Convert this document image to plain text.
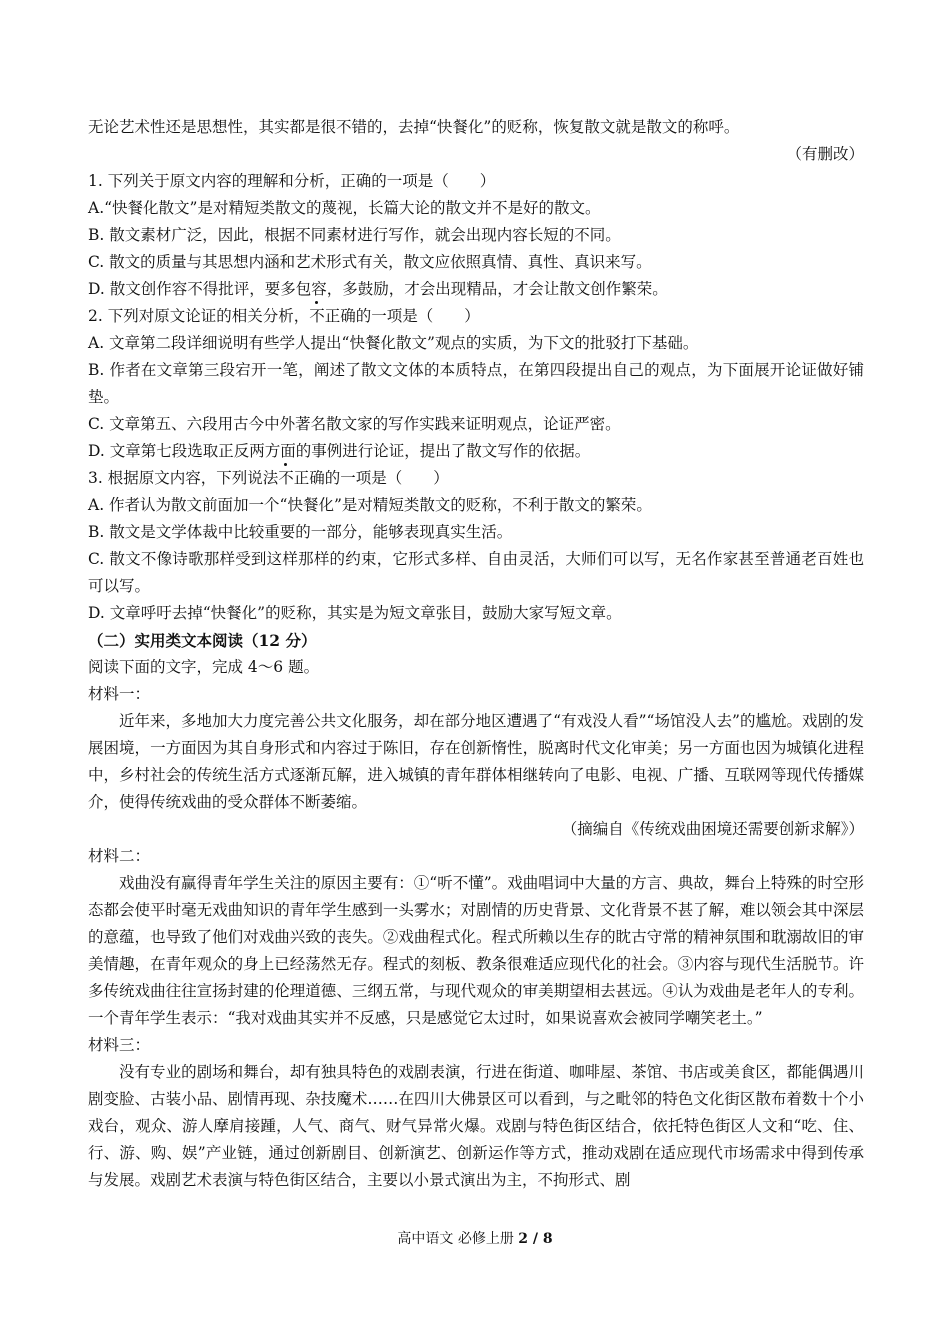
无论艺术性还是思想性，其实都是很不错的，去掉“快餐化”的贬称，恢复散文就是散文的称呼。

（有删改）

1. 下列关于原文内容的理解和分析，正确的一项是（　　）

A.“快餐化散文”是对精短类散文的蔑视，长篇大论的散文并不是好的散文。

B. 散文素材广泛，因此，根据不同素材进行写作，就会出现内容长短的不同。

C. 散文的质量与其思想内涵和艺术形式有关，散文应依照真情、真性、真识来写。

D. 散文创作容不得批评，要多包容，多鼓励，才会出现精品，才会让散文创作繁荣。

2. 下列对原文论证的相关分析，不正确的一项是（　　）

A. 文章第二段详细说明有些学人提出“快餐化散文”观点的实质，为下文的批驳打下基础。

B. 作者在文章第三段宕开一笔，阐述了散文文体的本质特点，在第四段提出自己的观点，为下面展开论证做好铺垫。

C. 文章第五、六段用古今中外著名散文家的写作实践来证明观点，论证严密。

D. 文章第七段选取正反两方面的事例进行论证，提出了散文写作的依据。

3. 根据原文内容，下列说法不正确的一项是（　　）

A. 作者认为散文前面加一个“快餐化”是对精短类散文的贬称，不利于散文的繁荣。

B. 散文是文学体裁中比较重要的一部分，能够表现真实生活。

C. 散文不像诗歌那样受到这样那样的约束，它形式多样、自由灵活，大师们可以写，无名作家甚至普通老百姓也可以写。

D. 文章呼吁去掉“快餐化”的贬称，其实是为短文章张目，鼓励大家写短文章。

（二）实用类文本阅读（12 分）

阅读下面的文字，完成 4～6 题。

材料一：

近年来，多地加大力度完善公共文化服务，却在部分地区遭遇了“有戏没人看”“场馆没人去”的尴尬。戏剧的发展困境，一方面因为其自身形式和内容过于陈旧，存在创新惰性，脱离时代文化审美；另一方面也因为城镇化进程中，乡村社会的传统生活方式逐渐瓦解，进入城镇的青年群体相继转向了电影、电视、广播、互联网等现代传播媒介，使得传统戏曲的受众群体不断萎缩。

（摘编自《传统戏曲困境还需要创新求解》）

材料二：

戏曲没有赢得青年学生关注的原因主要有：①“听不懂”。戏曲唱词中大量的方言、典故，舞台上特殊的时空形态都会使平时毫无戏曲知识的青年学生感到一头雾水；对剧情的历史背景、文化背景不甚了解，难以领会其中深层的意蕴，也导致了他们对戏曲兴致的丧失。②戏曲程式化。程式所赖以生存的眈古守常的精神氛围和耽溺故旧的审美情趣，在青年观众的身上已经荡然无存。程式的刻板、教条很难适应现代化的社会。③内容与现代生活脱节。许多传统戏曲往往宣扬封建的伦理道德、三纲五常，与现代观众的审美期望相去甚远。④认为戏曲是老年人的专利。一个青年学生表示：“我对戏曲其实并不反感，只是感觉它太过时，如果说喜欢会被同学嘲笑老土。”

材料三：

没有专业的剧场和舞台，却有独具特色的戏剧表演，行进在街道、咖啡屋、茶馆、书店或美食区，都能偶遇川剧变脸、古装小品、剧情再现、杂技魔术……在四川大佛景区可以看到，与之毗邻的特色文化街区散布着数十个小戏台，观众、游人摩肩接踵，人气、商气、财气异常火爆。戏剧与特色街区结合，依托特色街区人文和“吃、住、行、游、购、娱”产业链，通过创新剧目、创新演艺、创新运作等方式，推动戏剧在适应现代市场需求中得到传承与发展。戏剧艺术表演与特色街区结合，主要以小景式演出为主，不拘形式、剧

高中语文 必修上册 2 / 8
